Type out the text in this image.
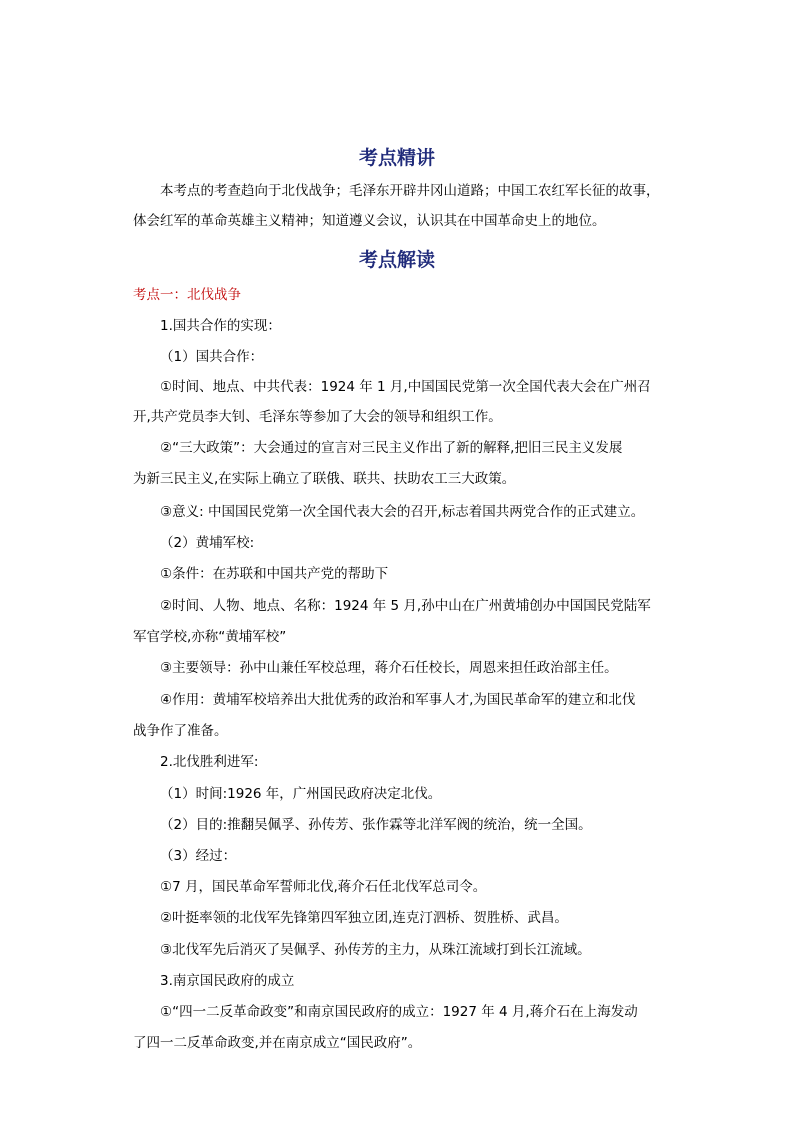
考点精讲

本考点的考查趋向于北伐战争；毛泽东开辟井冈山道路；中国工农红军长征的故事，

体会红军的革命英雄主义精神；知道遵义会议，认识其在中国革命史上的地位。

考点解读

考点一：北伐战争

1.国共合作的实现：

（1）国共合作：

①时间、地点、中共代表：1924 年 1 月,中国国民党第一次全国代表大会在广州召

开,共产党员李大钊、毛泽东等参加了大会的领导和组织工作。

②“三大政策”：大会通过的宣言对三民主义作出了新的解释,把旧三民主义发展

为新三民主义,在实际上确立了联俄、联共、扶助农工三大政策。

③意义: 中国国民党第一次全国代表大会的召开,标志着国共两党合作的正式建立。

（2）黄埔军校:

①条件：在苏联和中国共产党的帮助下

②时间、人物、地点、名称：1924 年 5 月,孙中山在广州黄埔创办中国国民党陆军

军官学校,亦称“黄埔军校”

③主要领导：孙中山兼任军校总理，蒋介石任校长，周恩来担任政治部主任。

④作用：黄埔军校培养出大批优秀的政治和军事人才,为国民革命军的建立和北伐

战争作了准备。

2.北伐胜利进军:

（1）时间:1926 年，广州国民政府决定北伐。

（2）目的:推翻吴佩孚、孙传芳、张作霖等北洋军阀的统治，统一全国。

（3）经过：

①7 月，国民革命军誓师北伐,蒋介石任北伐军总司令。

②叶挺率领的北伐军先锋第四军独立团,连克汀泗桥、贺胜桥、武昌。

③北伐军先后消灭了吴佩孚、孙传芳的主力，从珠江流域打到长江流域。

3.南京国民政府的成立

①“四一二反革命政变”和南京国民政府的成立：1927 年 4 月,蒋介石在上海发动

了四一二反革命政变,并在南京成立“国民政府”。
